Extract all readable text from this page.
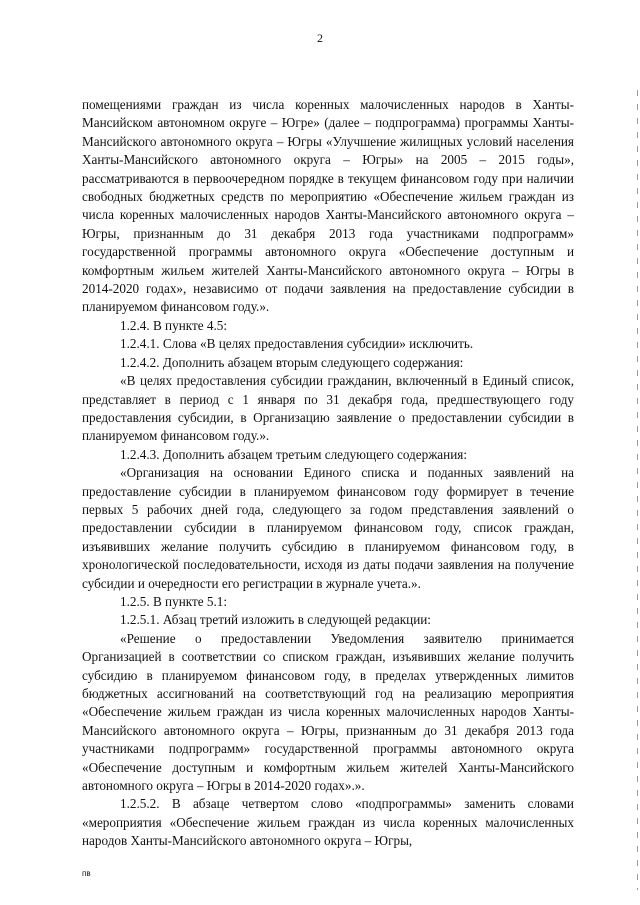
2

помещениями граждан из числа коренных малочисленных народов в Ханты-Мансийском автономном округе – Югре» (далее – подпрограмма) программы Ханты-Мансийского автономного округа – Югры «Улучшение жилищных условий населения Ханты-Мансийского автономного округа – Югры» на 2005 – 2015 годы», рассматриваются в первоочередном порядке в текущем финансовом году при наличии свободных бюджетных средств по мероприятию «Обеспечение жильем граждан из числа коренных малочисленных народов Ханты-Мансийского автономного округа – Югры, признанным до 31 декабря 2013 года участниками подпрограмм» государственной программы автономного округа «Обеспечение доступным и комфортным жильем жителей Ханты-Мансийского автономного округа – Югры в 2014-2020 годах», независимо от подачи заявления на предоставление субсидии в планируемом финансовом году.».

1.2.4. В пункте 4.5:

1.2.4.1. Слова «В целях предоставления субсидии» исключить.

1.2.4.2. Дополнить абзацем вторым следующего содержания:

«В целях предоставления субсидии гражданин, включенный в Единый список, представляет в период с 1 января по 31 декабря года, предшествующего году предоставления субсидии, в Организацию заявление о предоставлении субсидии в планируемом финансовом году.».

1.2.4.3. Дополнить абзацем третьим следующего содержания:

«Организация на основании Единого списка и поданных заявлений на предоставление субсидии в планируемом финансовом году формирует в течение первых 5 рабочих дней года, следующего за годом представления заявлений о предоставлении субсидии в планируемом финансовом году, список граждан, изъявивших желание получить субсидию в планируемом финансовом году, в хронологической последовательности, исходя из даты подачи заявления на получение субсидии и очередности его регистрации в журнале учета.».

1.2.5. В пункте 5.1:

1.2.5.1. Абзац третий изложить в следующей редакции:

«Решение о предоставлении Уведомления заявителю принимается Организацией в соответствии со списком граждан, изъявивших желание получить субсидию в планируемом финансовом году, в пределах утвержденных лимитов бюджетных ассигнований на соответствующий год на реализацию мероприятия «Обеспечение жильем граждан из числа коренных малочисленных народов Ханты-Мансийского автономного округа – Югры, признанным до 31 декабря 2013 года участниками подпрограмм» государственной программы автономного округа «Обеспечение доступным и комфортным жильем жителей Ханты-Мансийского автономного округа – Югры в 2014-2020 годах».».

1.2.5.2. В абзаце четвертом слово «подпрограммы» заменить словами «мероприятия «Обеспечение жильем граждан из числа коренных малочисленных народов Ханты-Мансийского автономного округа – Югры,

пв
